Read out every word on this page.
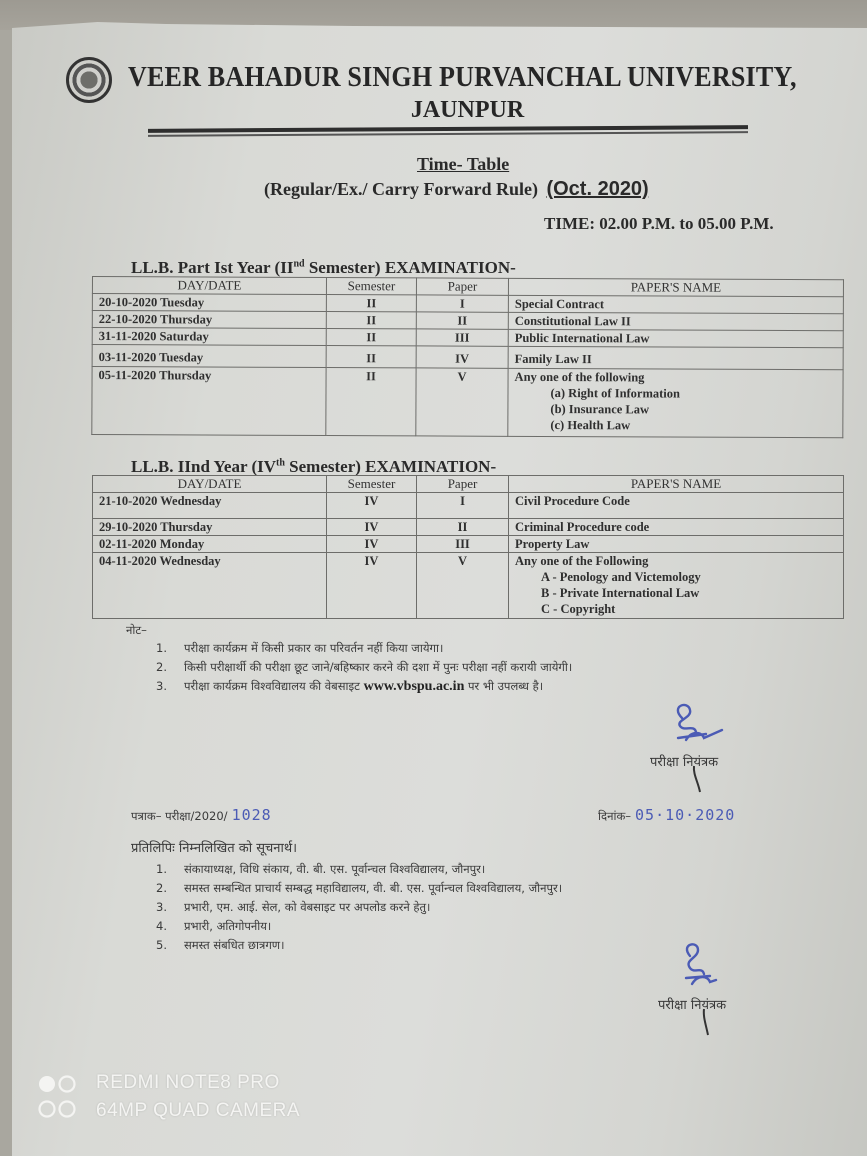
VEER BAHADUR SINGH PURVANCHAL UNIVERSITY,
JAUNPUR
Time- Table
(Regular/Ex./ Carry Forward Rule) (Oct. 2020)
TIME: 02.00 P.M. to 05.00 P.M.
LL.B. Part Ist Year (IInd Semester) EXAMINATION-
DAY/DATE	Semester	Paper	PAPER'S NAME
20-10-2020 Tuesday	II	I	Special Contract
22-10-2020 Thursday	II	II	Constitutional Law II
31-11-2020 Saturday	II	III	Public International Law
03-11-2020 Tuesday	II	IV	Family Law II
05-11-2020 Thursday	II	V	Any one of the following
(a) Right of Information
(b) Insurance Law
(c) Health Law
LL.B. IInd Year (IVth Semester) EXAMINATION-
DAY/DATE	Semester	Paper	PAPER'S NAME
21-10-2020 Wednesday	IV	I	Civil Procedure Code
29-10-2020 Thursday	IV	II	Criminal Procedure code
02-11-2020 Monday	IV	III	Property Law
04-11-2020 Wednesday	IV	V	Any one of the Following
A - Penology and Victemology
B - Private International Law
C - Copyright
नोट–
1. परीक्षा कार्यक्रम में किसी प्रकार का परिवर्तन नहीं किया जायेगा।
2. किसी परीक्षार्थी की परीक्षा छूट जाने/बहिष्कार करने की दशा में पुनः परीक्षा नहीं करायी जायेगी।
3. परीक्षा कार्यक्रम विश्वविद्यालय की वेबसाइट www.vbspu.ac.in पर भी उपलब्ध है।
परीक्षा नियंत्रक
पत्राक– परीक्षा/2020/ 1028	दिनांक– 05·10·2020
प्रतिलिपिः निम्नलिखित को सूचनार्थ।
1. संकायाध्यक्ष, विधि संकाय, वी. बी. एस. पूर्वान्चल विश्वविद्यालय, जौनपुर।
2. समस्त सम्बन्धित प्राचार्य सम्बद्ध महाविद्यालय, वी. बी. एस. पूर्वान्चल विश्वविद्यालय, जौनपुर।
3. प्रभारी, एम. आई. सेल, को वेबसाइट पर अपलोड करने हेतु।
4. प्रभारी, अतिगोपनीय।
5. समस्त संबधित छात्रगण।
परीक्षा नियंत्रक
REDMI NOTE8 PRO
64MP QUAD CAMERA
